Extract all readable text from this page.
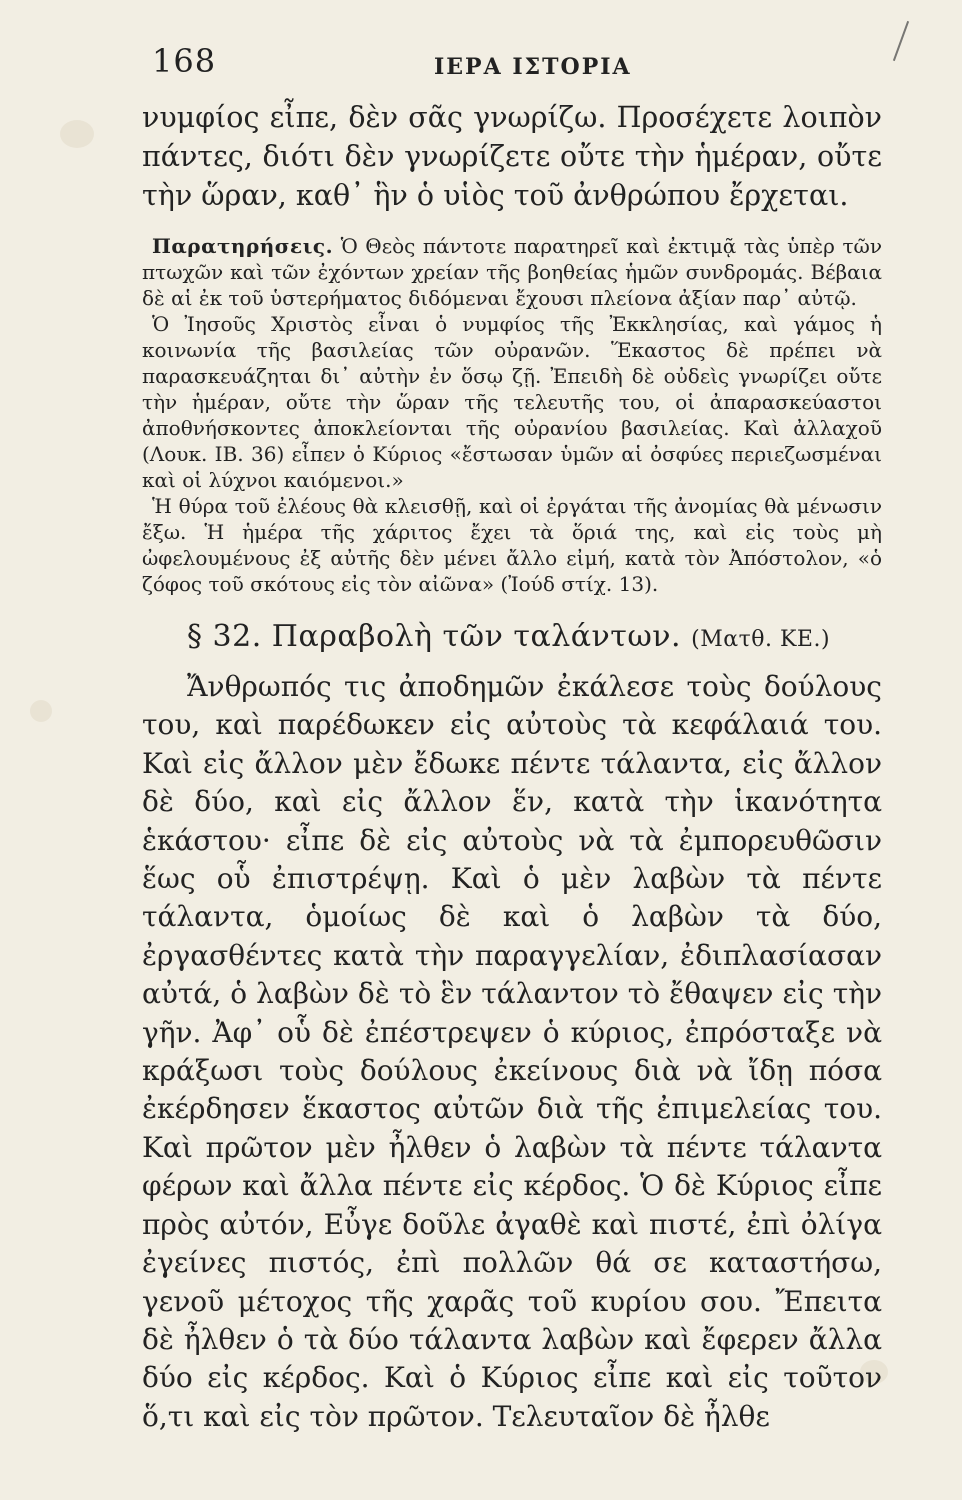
168	ΙΕΡΑ ΙΣΤΟΡΙΑ

νυμφίος εἶπε, δὲν σᾶς γνωρίζω. Προσέχετε λοιπὸν πάντες, διότι δὲν γνωρίζετε οὔτε τὴν ἡμέραν, οὔτε τὴν ὥραν, καθ᾽ ἣν ὁ υἱὸς τοῦ ἀνθρώπου ἔρχεται.

Παρατηρήσεις. Ὁ Θεὸς πάντοτε παρατηρεῖ καὶ ἐκτιμᾷ τὰς ὑπὲρ τῶν πτωχῶν καὶ τῶν ἐχόντων χρείαν τῆς βοηθείας ἡμῶν συνδρομάς. Βέβαια δὲ αἱ ἐκ τοῦ ὑστερήματος διδόμεναι ἔχουσι πλείονα ἀξίαν παρ᾽ αὐτῷ.

Ὁ Ἰησοῦς Χριστὸς εἶναι ὁ νυμφίος τῆς Ἐκκλησίας, καὶ γάμος ἡ κοινωνία τῆς βασιλείας τῶν οὐρανῶν. Ἕκαστος δὲ πρέπει νὰ παρασκευάζηται δι᾽ αὐτὴν ἐν ὅσῳ ζῇ. Ἐπειδὴ δὲ οὐδεὶς γνωρίζει οὔτε τὴν ἡμέραν, οὔτε τὴν ὥραν τῆς τελευτῆς του, οἱ ἀπαρασκεύαστοι ἀποθνήσκοντες ἀποκλείονται τῆς οὐρανίου βασιλείας. Καὶ ἀλλαχοῦ (Λουκ. ΙΒ. 36) εἶπεν ὁ Κύριος «ἔστωσαν ὑμῶν αἱ ὀσφύες περιεζωσμέναι καὶ οἱ λύχνοι καιόμενοι.»

Ἡ θύρα τοῦ ἐλέους θὰ κλεισθῇ, καὶ οἱ ἐργάται τῆς ἀνομίας θὰ μένωσιν ἔξω. Ἡ ἡμέρα τῆς χάριτος ἔχει τὰ ὅριά της, καὶ εἰς τοὺς μὴ ὠφελουμένους ἐξ αὐτῆς δὲν μένει ἄλλο εἰμή, κατὰ τὸν Ἀπόστολον, «ὁ ζόφος τοῦ σκότους εἰς τὸν αἰῶνα» (Ἰούδ στίχ. 13).

§ 32. Παραβολὴ τῶν ταλάντων. (Ματθ. ΚΕ.)

Ἄνθρωπός τις ἀποδημῶν ἐκάλεσε τοὺς δούλους του, καὶ παρέδωκεν εἰς αὐτοὺς τὰ κεφάλαιά του. Καὶ εἰς ἄλλον μὲν ἔδωκε πέντε τάλαντα, εἰς ἄλλον δὲ δύο, καὶ εἰς ἄλλον ἕν, κατὰ τὴν ἱκανότητα ἑκάστου· εἶπε δὲ εἰς αὐτοὺς νὰ τὰ ἐμπορευθῶσιν ἕως οὗ ἐπιστρέψῃ. Καὶ ὁ μὲν λαβὼν τὰ πέντε τάλαντα, ὁμοίως δὲ καὶ ὁ λαβὼν τὰ δύο, ἐργασθέντες κατὰ τὴν παραγγελίαν, ἐδιπλασίασαν αὐτά, ὁ λαβὼν δὲ τὸ ἓν τάλαντον τὸ ἔθαψεν εἰς τὴν γῆν. Ἀφ᾽ οὗ δὲ ἐπέστρεψεν ὁ κύριος, ἐπρόσταξε νὰ κράξωσι τοὺς δούλους ἐκείνους διὰ νὰ ἴδῃ πόσα ἐκέρδησεν ἕκαστος αὐτῶν διὰ τῆς ἐπιμελείας του. Καὶ πρῶτον μὲν ἦλθεν ὁ λαβὼν τὰ πέντε τάλαντα φέρων καὶ ἄλλα πέντε εἰς κέρδος. Ὁ δὲ Κύριος εἶπε πρὸς αὐτόν, Εὖγε δοῦλε ἀγαθὲ καὶ πιστέ, ἐπὶ ὀλίγα ἐγείνες πιστός, ἐπὶ πολλῶν θά σε καταστήσω, γενοῦ μέτοχος τῆς χαρᾶς τοῦ κυρίου σου. Ἔπειτα δὲ ἦλθεν ὁ τὰ δύο τάλαντα λαβὼν καὶ ἔφερεν ἄλλα δύο εἰς κέρδος. Καὶ ὁ Κύριος εἶπε καὶ εἰς τοῦτον ὅ,τι καὶ εἰς τὸν πρῶτον. Τελευταῖον δὲ ἦλθε
